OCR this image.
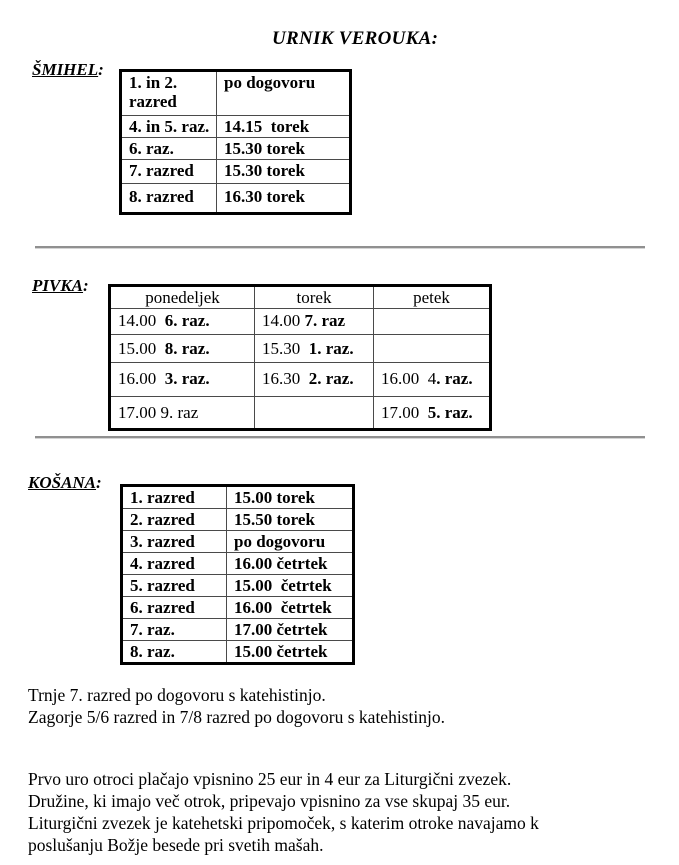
URNIK VEROUKA:
ŠMIHEL:
1. in 2. razred	po dogovoru
4. in 5. raz.	14.15  torek
6. raz.	15.30 torek
7. razred	15.30 torek
8. razred	16.30 torek
PIVKA:
ponedeljek	torek	petek
14.00  6. raz.	14.00 7. raz	
15.00  8. raz.	15.30  1. raz.	
16.00  3. raz.	16.30  2. raz.	16.00  4. raz.
17.00 9. raz		17.00  5. raz.
KOŠANA:
1. razred	15.00 torek
2. razred	15.50 torek
3. razred	po dogovoru
4. razred	16.00 četrtek
5. razred	15.00  četrtek
6. razred	16.00  četrtek
7. raz.	17.00 četrtek
8. raz.	15.00 četrtek
Trnje 7. razred po dogovoru s katehistinjo.
Zagorje 5/6 razred in 7/8 razred po dogovoru s katehistinjo.
Prvo uro otroci plačajo vpisnino 25 eur in 4 eur za Liturgični zvezek.
Družine, ki imajo več otrok, pripevajo vpisnino za vse skupaj 35 eur.
Liturgični zvezek je katehetski pripomoček, s katerim otroke navajamo k
poslušanju Božje besede pri svetih mašah.
